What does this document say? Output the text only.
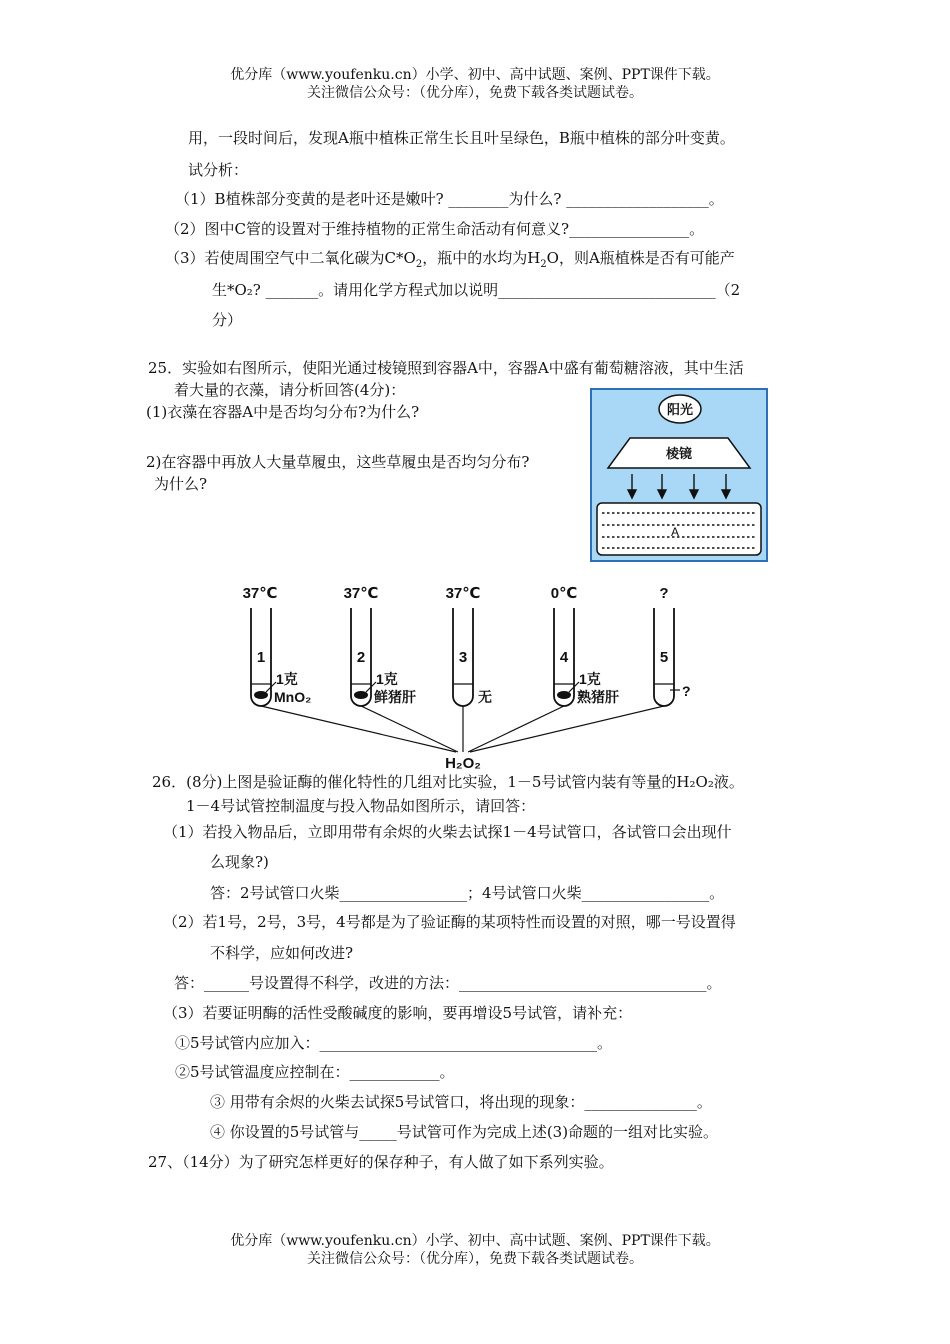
优分库（www.youfenku.cn）小学、初中、高中试题、案例、PPT课件下载。
关注微信公众号：（优分库），免费下载各类试题试卷。
用，一段时间后，发现A瓶中植株正常生长且叶呈绿色，B瓶中植株的部分叶变黄。
试分析：
（1）B植株部分变黄的是老叶还是嫩叶? ________为什么? ___________________。
（2）图中C管的设置对于维持植物的正常生命活动有何意义?________________。
（3）若使周围空气中二氧化碳为$C*O_2$，瓶中的水均为$H_2O$，则A瓶植株是否有可能产
生*O₂? _______。请用化学方程式加以说明_____________________________（2
分）
25．实验如右图所示，使阳光通过棱镜照到容器A中，容器A中盛有葡萄糖溶液，其中生活
着大量的衣藻，请分析回答(4分)：
(1)衣藻在容器A中是否均匀分布?为什么?
2)在容器中再放人大量草履虫，这些草履虫是否均匀分布?
为什么?
阳光
棱镜
A
37℃	37℃	37℃	0℃	?
1	2	3	4	5
1克
MnO₂
1克
鲜猪肝	无
1克
熟猪肝	?
H₂O₂
26．(8分)上图是验证酶的催化特性的几组对比实验，1－5号试管内装有等量的H₂O₂液。
1－4号试管控制温度与投入物品如图所示，请回答：
（1）若投入物品后，立即用带有余烬的火柴去试探1－4号试管口，各试管口会出现什
么现象?)
答：2号试管口火柴_________________；4号试管口火柴_________________。
（2）若1号，2号，3号，4号都是为了验证酶的某项特性而设置的对照，哪一号设置得
不科学，应如何改进?
答：______号设置得不科学，改进的方法：_________________________________。
（3）若要证明酶的活性受酸碱度的影响，要再增设5号试管，请补充：
①5号试管内应加入：_____________________________________。
②5号试管温度应控制在：____________。
③ 用带有余烬的火柴去试探5号试管口，将出现的现象：_______________。
④ 你设置的5号试管与_____号试管可作为完成上述(3)命题的一组对比实验。
27、（14分）为了研究怎样更好的保存种子，有人做了如下系列实验。
优分库（www.youfenku.cn）小学、初中、高中试题、案例、PPT课件下载。
关注微信公众号：（优分库），免费下载各类试题试卷。
